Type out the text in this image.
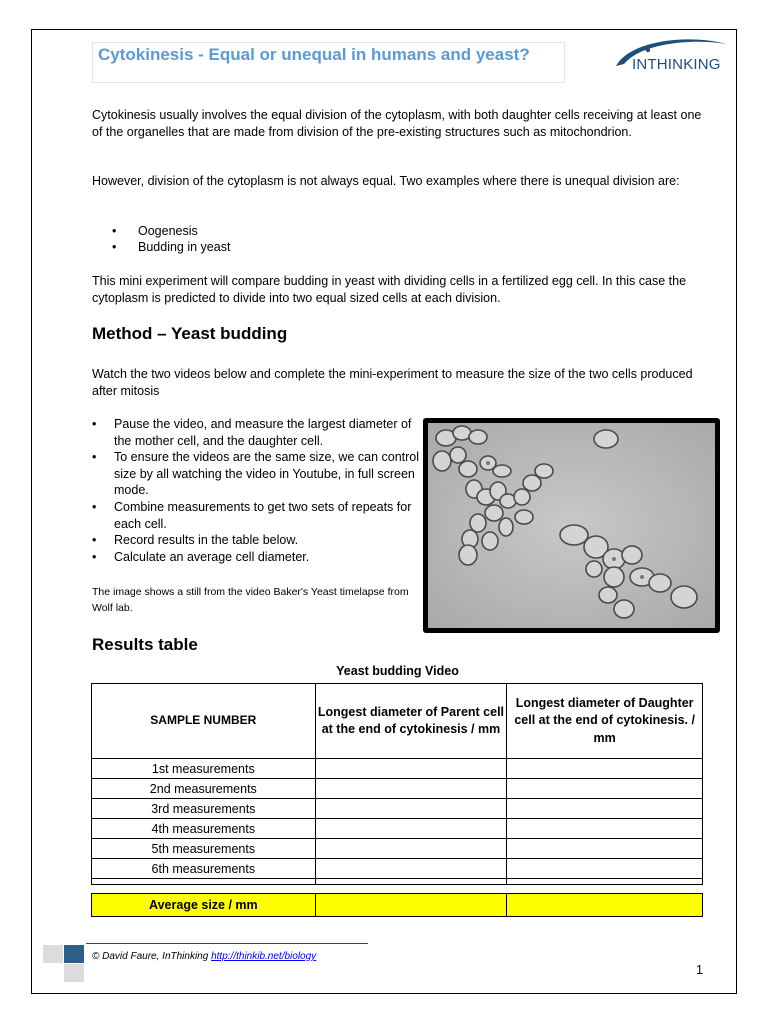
Cytokinesis - Equal or unequal in humans and yeast?
INTHINKING
Cytokinesis usually involves the equal division of the cytoplasm, with both daughter cells receiving at least one of the organelles that are made from division of the pre-existing structures such as mitochondrion.
However, division of the cytoplasm is not always equal. Two examples where there is unequal division are:
• Oogenesis
• Budding in yeast
This mini experiment will compare budding in yeast with dividing cells in a fertilized egg cell. In this case the cytoplasm is predicted to divide into two equal sized cells at each division.
Method – Yeast budding
Watch the two videos below and complete the mini-experiment to measure the size of the two cells produced after mitosis
• Pause the video, and measure the largest diameter of the mother cell, and the daughter cell.
• To ensure the videos are the same size, we can control size by all watching the video in Youtube, in full screen mode.
• Combine measurements to get two sets of repeats for each cell.
• Record results in the table below.
• Calculate an average cell diameter.
The image shows a still from the video Baker's Yeast timelapse from Wolf lab.
Results table
Yeast budding Video
SAMPLE NUMBER	Longest diameter of Parent cell at the end of cytokinesis / mm	Longest diameter of Daughter cell at the end of cytokinesis. / mm
1st measurements		
2nd measurements		
3rd measurements		
4th measurements		
5th measurements		
6th measurements		

Average size / mm		
© David Faure, InThinking http://thinkib.net/biology
1
